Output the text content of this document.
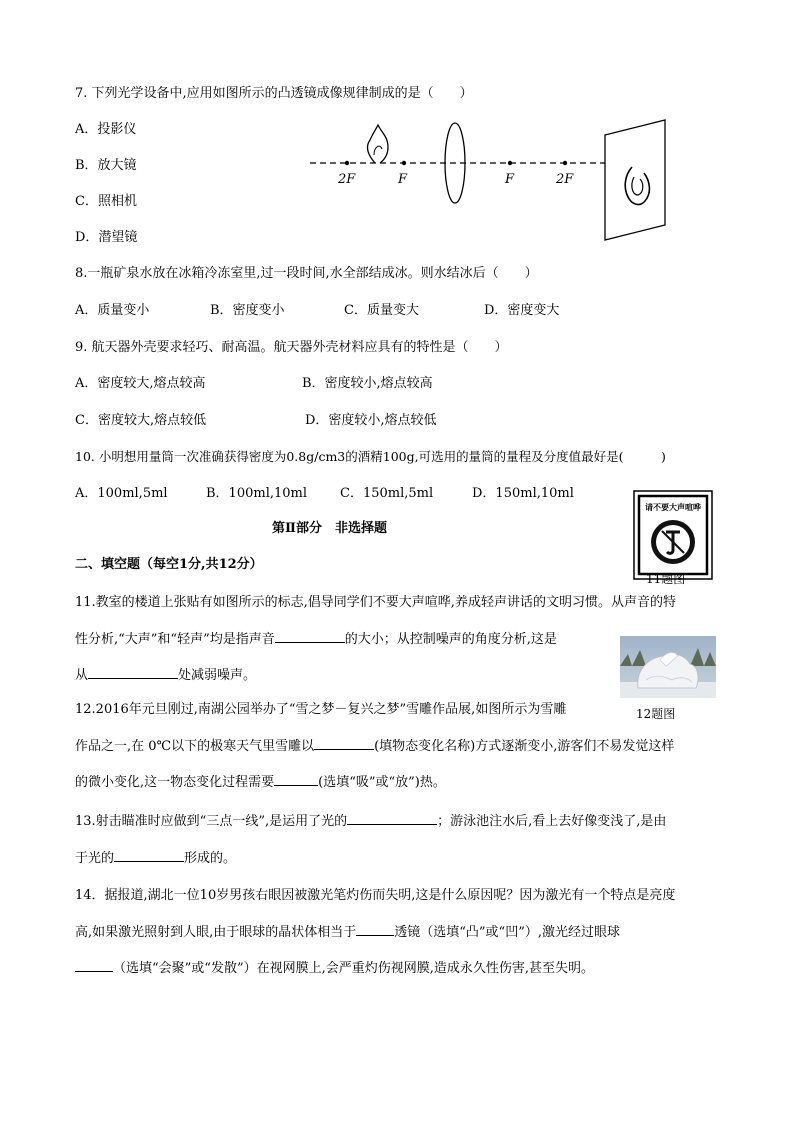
7. 下列光学设备中,应用如图所示的凸透镜成像规律制成的是（　　）
A．投影仪
B．放大镜
C．照相机
D．潜望镜
2F	F	F	2F
8.一瓶矿泉水放在冰箱冷冻室里,过一段时间,水全部结成冰。则水结冰后（　　）
A．质量变小	B．密度变小	C．质量变大	D．密度变大
9. 航天器外壳要求轻巧、耐高温。航天器外壳材料应具有的特性是（　　）
A．密度较大,熔点较高	B．密度较小,熔点较高
C．密度较大,熔点较低	D．密度较小,熔点较低
10. 小明想用量筒一次准确获得密度为0.8g/cm3的酒精100g,可选用的量筒的量程及分度值最好是(　　　)
A．100ml,5ml	B．100ml,10ml	C．150ml,5ml	D．150ml,10ml
第Ⅱ部分　非选择题
二、填空题（每空1分,共12分）
请不要大声喧哗
11题图
11.教室的楼道上张贴有如图所示的标志,倡导同学们不要大声喧哗,养成轻声讲话的文明习惯。从声音的特
性分析,“大声”和“轻声”均是指声音	的大小；从控制噪声的角度分析,这是
从	处减弱噪声。
12题图
12.2016年元旦刚过,南湖公园举办了“雪之梦－复兴之梦”雪雕作品展,如图所示为雪雕
作品之一,在 0℃以下的极寒天气里雪雕以	(填物态变化名称)方式逐渐变小,游客们不易发觉这样
的微小变化,这一物态变化过程需要	(选填“吸”或“放”)热。
13.射击瞄准时应做到“三点一线”,是运用了光的	；游泳池注水后,看上去好像变浅了,是由
于光的	形成的。
14．据报道,湖北一位10岁男孩右眼因被激光笔灼伤而失明,这是什么原因呢？因为激光有一个特点是亮度
高,如果激光照射到人眼,由于眼球的晶状体相当于	透镜（选填“凸”或“凹”）,激光经过眼球
（选填“会聚”或“发散”）在视网膜上,会严重灼伤视网膜,造成永久性伤害,甚至失明。
